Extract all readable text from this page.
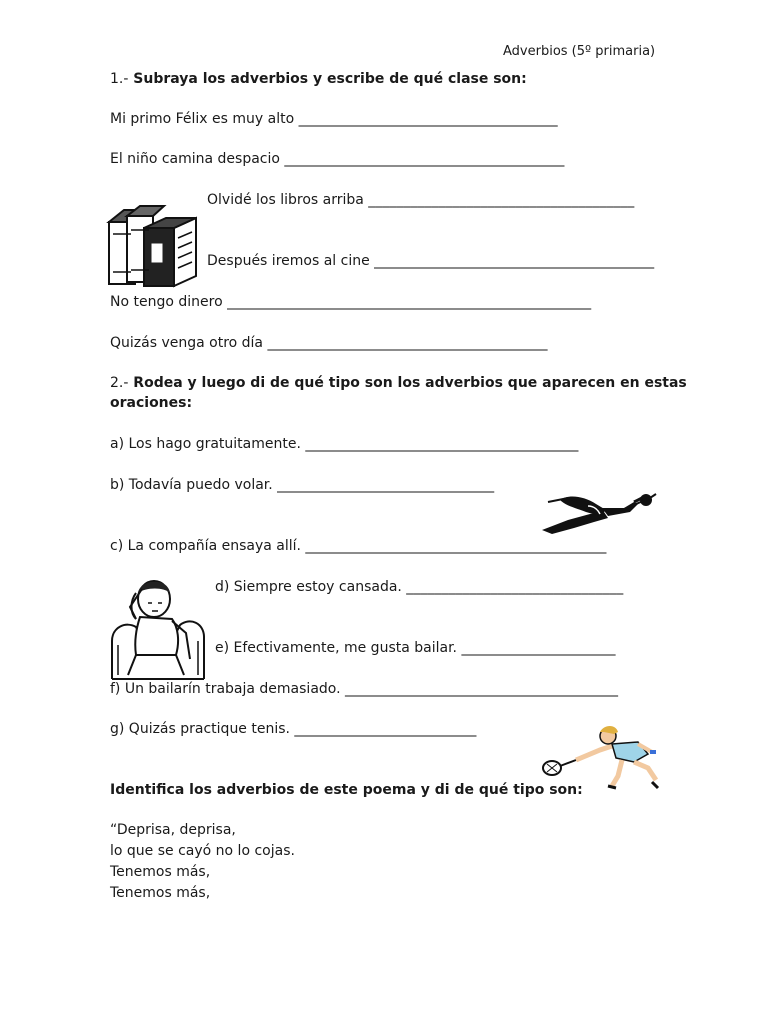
Adverbios (5º primaria)
1.- Subraya los adverbios y escribe de qué clase son:
Mi primo Félix es muy alto _____________________________________
El niño camina despacio ________________________________________
Olvidé los libros arriba ______________________________________
Después iremos al cine ________________________________________
No tengo dinero ____________________________________________________
Quizás venga otro día ________________________________________
2.- Rodea y luego di de qué tipo son los adverbios que aparecen en estas
oraciones:
a) Los hago gratuitamente. _______________________________________
b) Todavía puedo volar. _______________________________
c) La compañía ensaya allí. ___________________________________________
d) Siempre estoy cansada. _______________________________
e) Efectivamente, me gusta bailar. ______________________
f) Un bailarín trabaja demasiado. _______________________________________
g) Quizás practique tenis. __________________________
Identifica los adverbios de este poema y di de qué tipo son:
“Deprisa, deprisa,
lo que se cayó no lo cojas.
Tenemos más,
Tenemos más,
